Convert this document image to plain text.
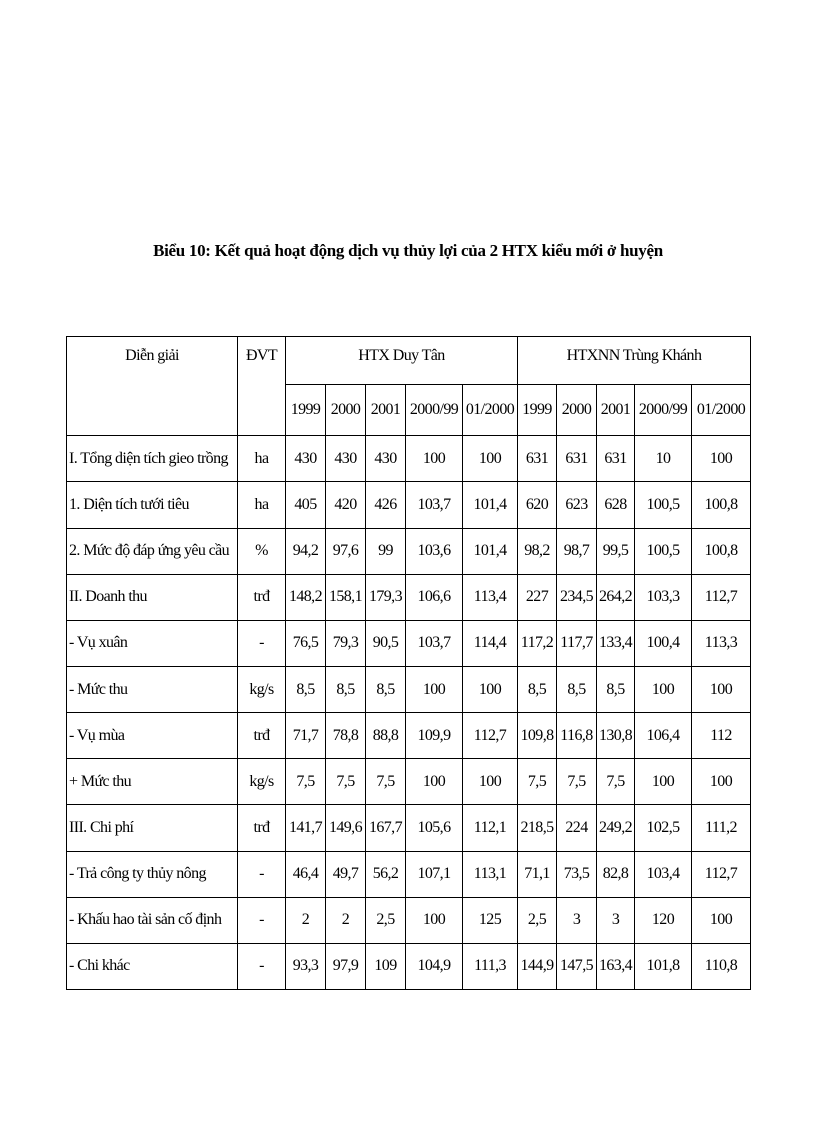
Biểu 10: Kết quả hoạt động dịch vụ thủy lợi của 2 HTX kiểu mới ở huyện
Diễn giải	ĐVT	HTX Duy Tân					HTXNN Trùng Khánh				
		1999	2000	2001	2000/99	01/2000	1999	2000	2001	2000/99	01/2000
I. Tổng diện tích gieo trồng	ha	430	430	430	100	100	631	631	631	10	100
1. Diện tích tưới tiêu	ha	405	420	426	103,7	101,4	620	623	628	100,5	100,8
2. Mức độ đáp ứng yêu cầu	%	94,2	97,6	99	103,6	101,4	98,2	98,7	99,5	100,5	100,8
II. Doanh thu	trđ	148,2	158,1	179,3	106,6	113,4	227	234,5	264,2	103,3	112,7
- Vụ xuân	-	76,5	79,3	90,5	103,7	114,4	117,2	117,7	133,4	100,4	113,3
- Mức thu	kg/s	8,5	8,5	8,5	100	100	8,5	8,5	8,5	100	100
- Vụ mùa	trđ	71,7	78,8	88,8	109,9	112,7	109,8	116,8	130,8	106,4	112
+ Mức thu	kg/s	7,5	7,5	7,5	100	100	7,5	7,5	7,5	100	100
III. Chi phí	trđ	141,7	149,6	167,7	105,6	112,1	218,5	224	249,2	102,5	111,2
- Trả công ty thủy nông	-	46,4	49,7	56,2	107,1	113,1	71,1	73,5	82,8	103,4	112,7
- Khấu hao tài sản cố định	-	2	2	2,5	100	125	2,5	3	3	120	100
- Chi khác	-	93,3	97,9	109	104,9	111,3	144,9	147,5	163,4	101,8	110,8
